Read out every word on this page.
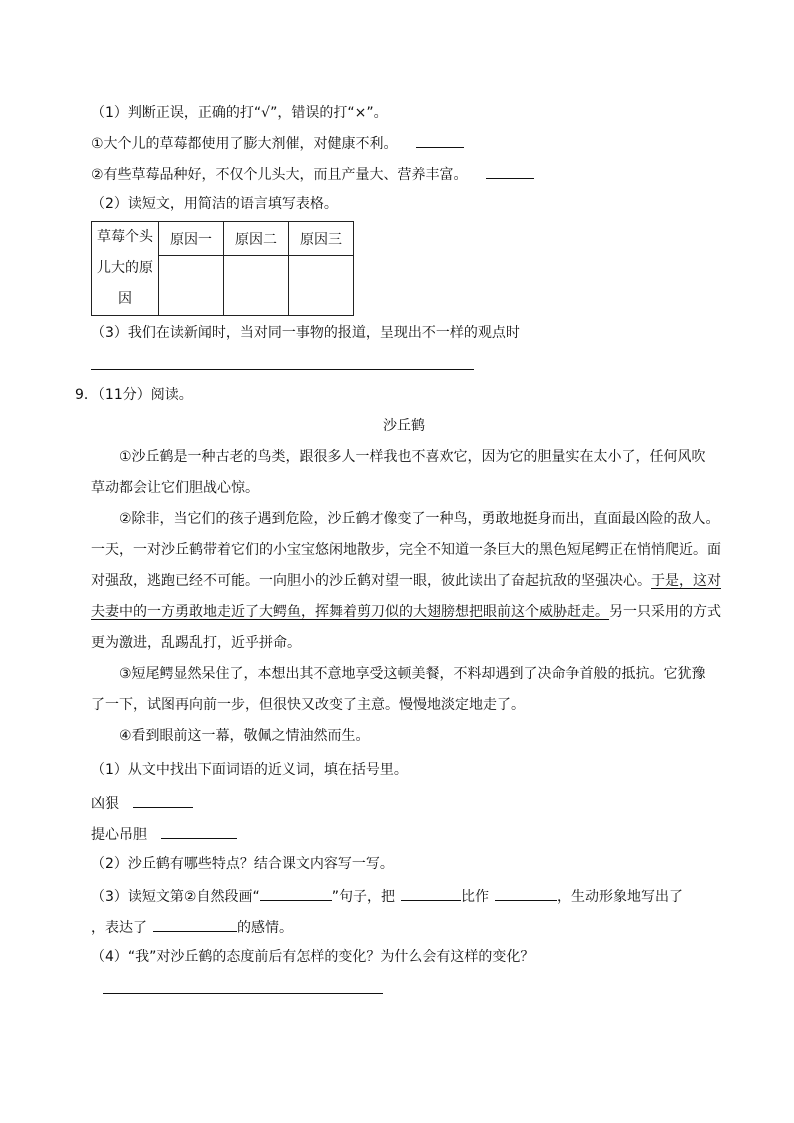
（1）判断正误，正确的打“√”，错误的打“×”。
①大个儿的草莓都使用了膨大剂催，对健康不利。
②有些草莓品种好，不仅个儿头大，而且产量大、营养丰富。
（2）读短文，用简洁的语言填写表格。
草莓个头
儿大的原
因	原因一	原因二	原因三

（3）我们在读新闻时，当对同一事物的报道，呈现出不一样的观点时
9．（11分）阅读。
沙丘鹤
①沙丘鹤是一种古老的鸟类，跟很多人一样我也不喜欢它，因为它的胆量实在太小了，任何风吹
草动都会让它们胆战心惊。
②除非，当它们的孩子遇到危险，沙丘鹤才像变了一种鸟，勇敢地挺身而出，直面最凶险的敌人。
一天，一对沙丘鹤带着它们的小宝宝悠闲地散步，完全不知道一条巨大的黑色短尾鳄正在悄悄爬近。面
对强敌，逃跑已经不可能。一向胆小的沙丘鹤对望一眼，彼此读出了奋起抗敌的坚强决心。于是，这对
夫妻中的一方勇敢地走近了大鳄鱼，挥舞着剪刀似的大翅膀想把眼前这个威胁赶走。另一只采用的方式
更为激进，乱踢乱打，近乎拼命。
③短尾鳄显然呆住了，本想出其不意地享受这顿美餐，不料却遇到了决命争首般的抵抗。它犹豫
了一下，试图再向前一步，但很快又改变了主意。慢慢地淡定地走了。
④看到眼前这一幕，敬佩之情油然而生。
（1）从文中找出下面词语的近义词，填在括号里。
凶狠
提心吊胆
（2）沙丘鹤有哪些特点？结合课文内容写一写。
（3）读短文第②自然段画“	”句子，把	比作	，生动形象地写出了
，表达了	的感情。
（4）“我”对沙丘鹤的态度前后有怎样的变化？为什么会有这样的变化？
